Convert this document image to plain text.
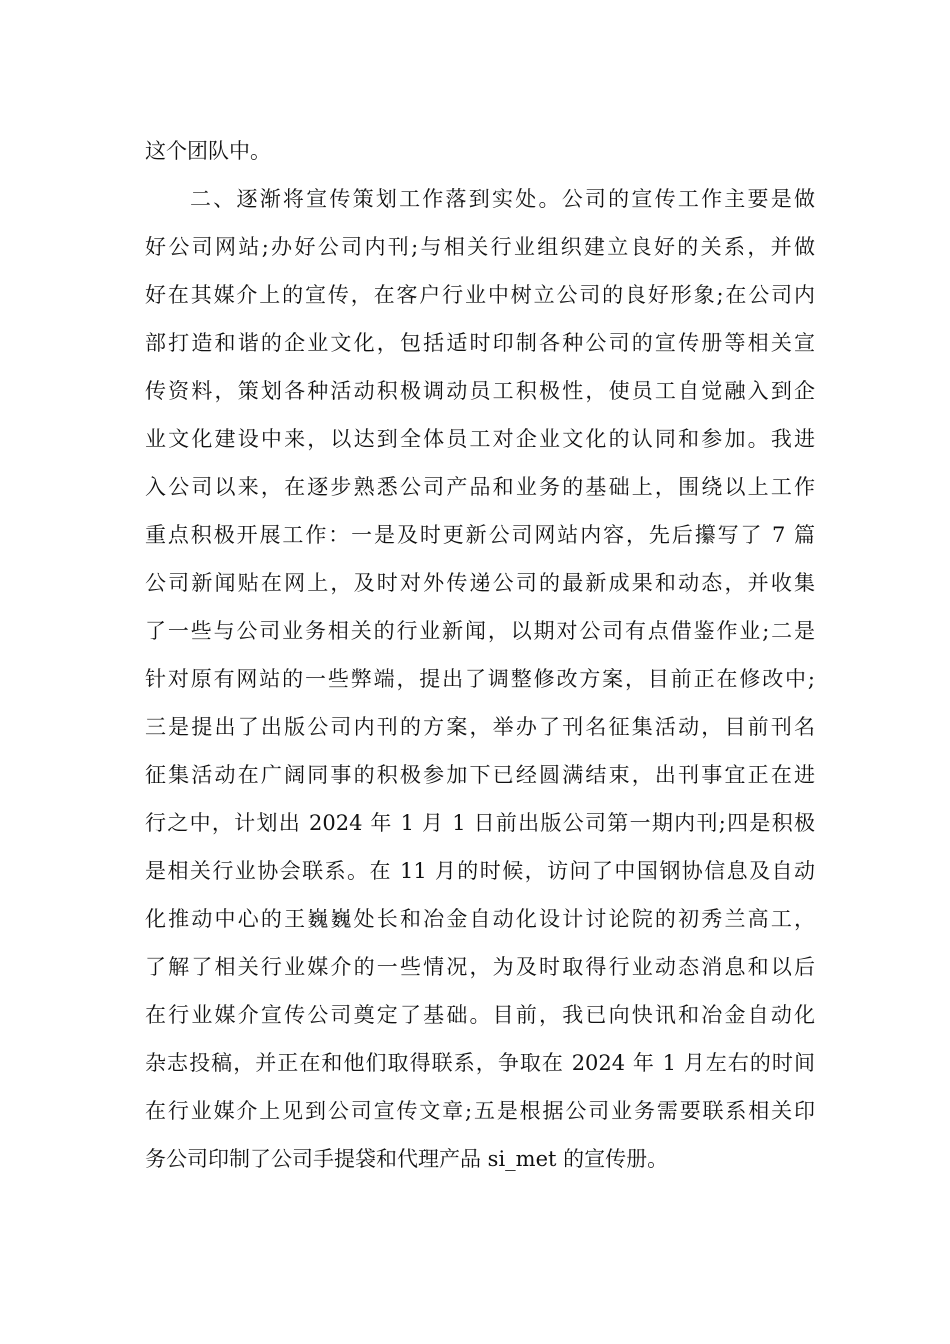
这个团队中。
二、逐渐将宣传策划工作落到实处。公司的宣传工作主要是做
好公司网站;办好公司内刊;与相关行业组织建立良好的关系，并做
好在其媒介上的宣传，在客户行业中树立公司的良好形象;在公司内
部打造和谐的企业文化，包括适时印制各种公司的宣传册等相关宣
传资料，策划各种活动积极调动员工积极性，使员工自觉融入到企
业文化建设中来，以达到全体员工对企业文化的认同和参加。我进
入公司以来，在逐步熟悉公司产品和业务的基础上，围绕以上工作
重点积极开展工作：一是及时更新公司网站内容，先后攥写了 7 篇
公司新闻贴在网上，及时对外传递公司的最新成果和动态，并收集
了一些与公司业务相关的行业新闻，以期对公司有点借鉴作业;二是
针对原有网站的一些弊端，提出了调整修改方案，目前正在修改中;
三是提出了出版公司内刊的方案，举办了刊名征集活动，目前刊名
征集活动在广阔同事的积极参加下已经圆满结束，出刊事宜正在进
行之中，计划出 2024 年 1 月 1 日前出版公司第一期内刊;四是积极
是相关行业协会联系。在 11 月的时候，访问了中国钢协信息及自动
化推动中心的王巍巍处长和冶金自动化设计讨论院的初秀兰高工，
了解了相关行业媒介的一些情况，为及时取得行业动态消息和以后
在行业媒介宣传公司奠定了基础。目前，我已向快讯和冶金自动化
杂志投稿，并正在和他们取得联系，争取在 2024 年 1 月左右的时间
在行业媒介上见到公司宣传文章;五是根据公司业务需要联系相关印
务公司印制了公司手提袋和代理产品 si_met 的宣传册。
